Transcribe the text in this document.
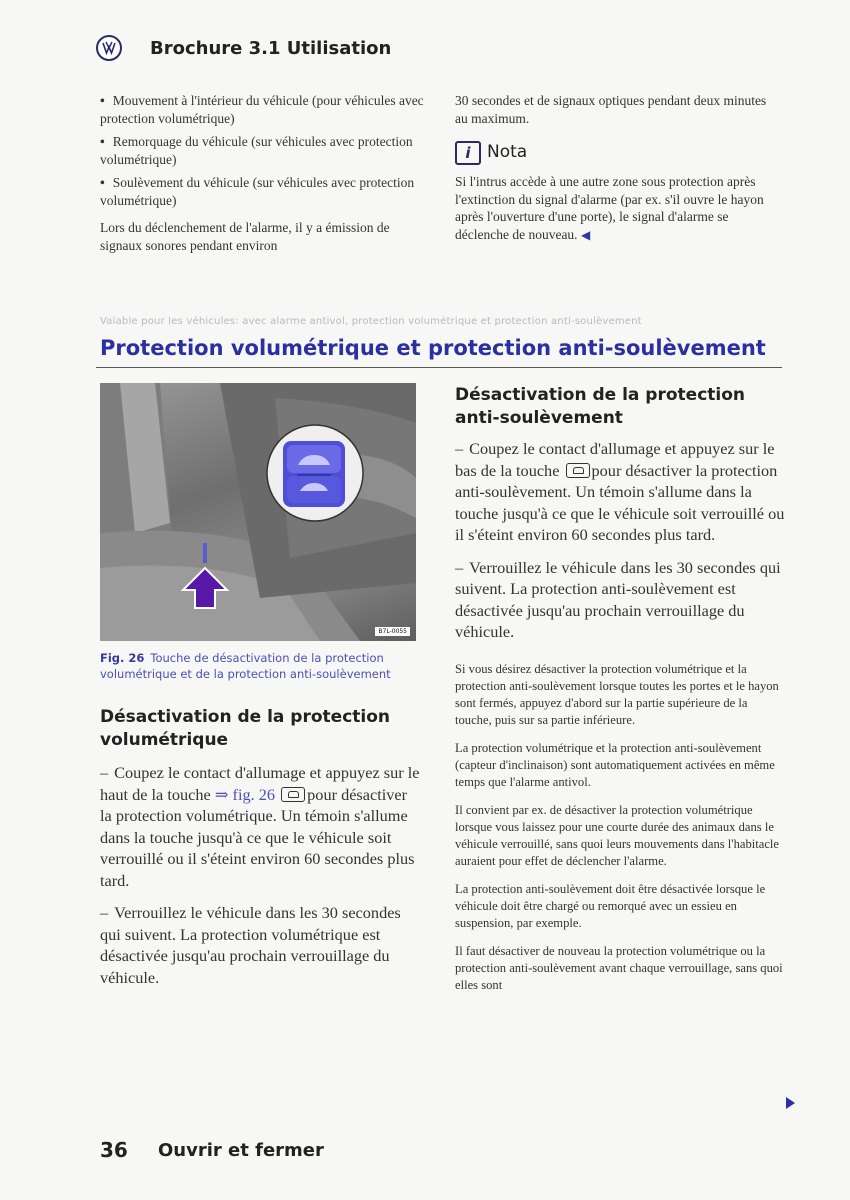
Brochure 3.1 Utilisation
• Mouvement à l'intérieur du véhicule (pour véhicules avec protection volumétrique)
• Remorquage du véhicule (sur véhicules avec protection volumétrique)
• Soulèvement du véhicule (sur véhicules avec protection volumétrique)
Lors du déclenchement de l'alarme, il y a émission de signaux sonores pendant environ
30 secondes et de signaux optiques pendant deux minutes au maximum.
i Nota
Si l'intrus accède à une autre zone sous protection après l'extinction du signal d'alarme (par ex. s'il ouvre le hayon après l'ouverture d'une porte), le signal d'alarme se déclenche de nouveau. ◀
Valable pour les véhicules: avec alarme antivol, protection volumétrique et protection anti-soulèvement
Protection volumétrique et protection anti-soulèvement
B7L-0055
Fig. 26 Touche de désactivation de la protection volumétrique et de la protection anti-soulèvement
Désactivation de la protection volumétrique
– Coupez le contact d'allumage et appuyez sur le haut de la touche ⇒ fig. 26 pour désactiver la protection volumétrique. Un témoin s'allume dans la touche jusqu'à ce que le véhicule soit verrouillé ou il s'éteint environ 60 secondes plus tard.
– Verrouillez le véhicule dans les 30 secondes qui suivent. La protection volumétrique est désactivée jusqu'au prochain verrouillage du véhicule.
Désactivation de la protection anti-soulèvement
– Coupez le contact d'allumage et appuyez sur le bas de la touche pour désactiver la protection anti-soulèvement. Un témoin s'allume dans la touche jusqu'à ce que le véhicule soit verrouillé ou il s'éteint environ 60 secondes plus tard.
– Verrouillez le véhicule dans les 30 secondes qui suivent. La protection anti-soulèvement est désactivée jusqu'au prochain verrouillage du véhicule.
Si vous désirez désactiver la protection volumétrique et la protection anti-soulèvement lorsque toutes les portes et le hayon sont fermés, appuyez d'abord sur la partie supérieure de la touche, puis sur sa partie inférieure.
La protection volumétrique et la protection anti-soulèvement (capteur d'inclinaison) sont automatiquement activées en même temps que l'alarme antivol.
Il convient par ex. de désactiver la protection volumétrique lorsque vous laissez pour une courte durée des animaux dans le véhicule verrouillé, sans quoi leurs mouvements dans l'habitacle auraient pour effet de déclencher l'alarme.
La protection anti-soulèvement doit être désactivée lorsque le véhicule doit être chargé ou remorqué avec un essieu en suspension, par exemple.
Il faut désactiver de nouveau la protection volumétrique ou la protection anti-soulèvement avant chaque verrouillage, sans quoi elles sont
36 Ouvrir et fermer
